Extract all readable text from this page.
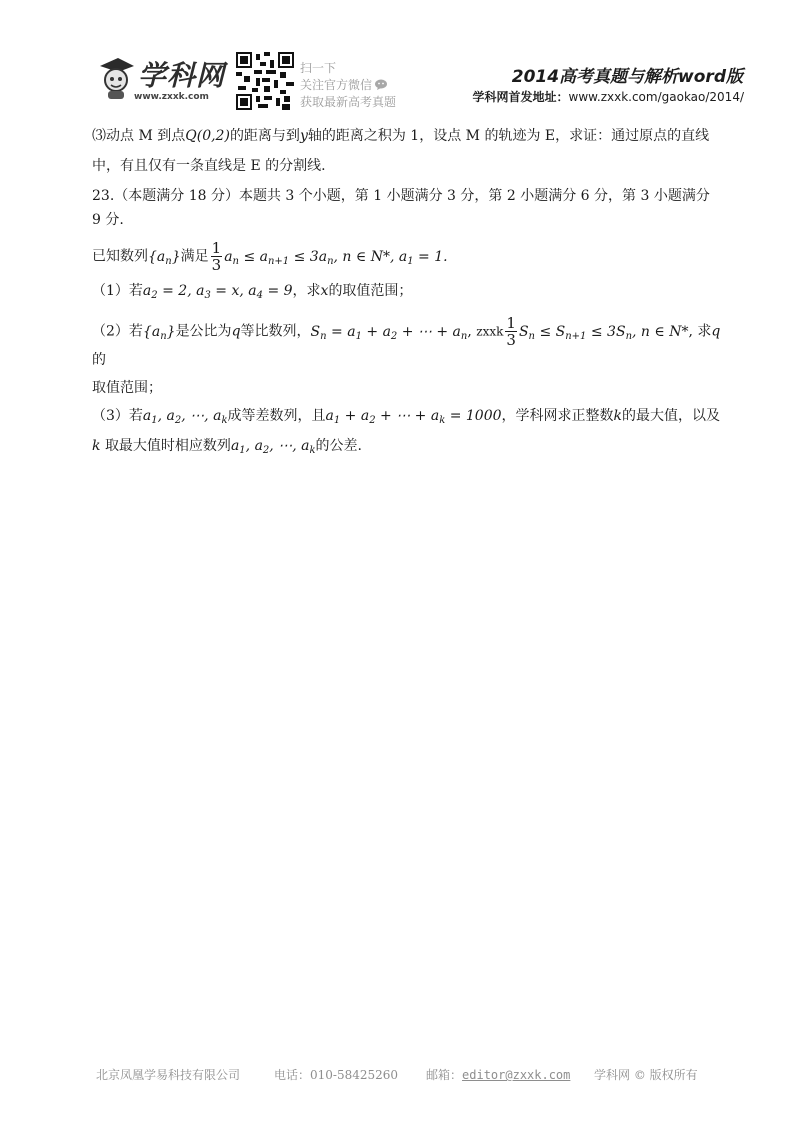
学科网
www.zxxk.com
扫一下
关注官方微信
获取最新高考真题
2014高考真题与解析word版
学科网首发地址：www.zxxk.com/gaokao/2014/

⑶动点 M 到点Q(0,2)的距离与到y轴的距离之积为 1，设点 M 的轨迹为 E，求证：通过原点的直线

中，有且仅有一条直线是 E 的分割线.

23.（本题满分 18 分）本题共 3 个小题，第 1 小题满分 3 分，第 2 小题满分 6 分，第 3 小题满分 9 分.

已知数列$\{a_n\}$满足 $\frac{1}{3} a_n \le a_{n+1} \le 3a_n$, n ∈ N*, $a_1 = 1$.

（1）若$a_2 = 2$, $a_3 = x$, $a_4 = 9$，求x的取值范围；

（2）若$\{a_n\}$是公比为q等比数列，$S_n = a_1 + a_2$ + ⋯ + $a_n$, zxxk $\frac{1}{3} S_n \le S_{n+1} \le 3S_n$, n ∈ N*, 求q的

取值范围；

（3）若$a_1$, $a_2$, ⋯, $a_k$成等差数列，且$a_1 + a_2$ + ⋯ + $a_k = 1000$，学科网求正整数k的最大值，以及

k 取最大值时相应数列$a_1$, $a_2$, ⋯, $a_k$的公差.

北京凤凰学易科技有限公司	电话：010-58425260 邮箱：editor@zxxk.com 学科网 © 版权所有
